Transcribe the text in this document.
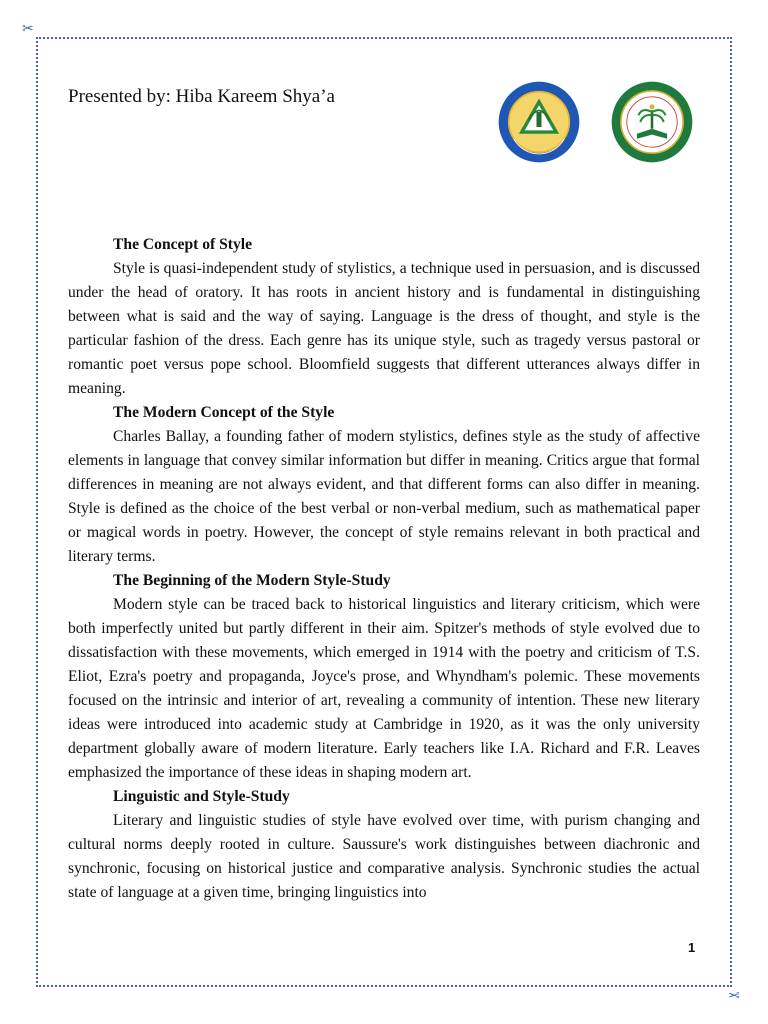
✂
✂
Presented by: Hiba Kareem Shya’a
The Concept of Style

Style is quasi-independent study of stylistics, a technique used in persuasion, and is discussed under the head of oratory. It has roots in ancient history and is fundamental in distinguishing between what is said and the way of saying. Language is the dress of thought, and style is the particular fashion of the dress. Each genre has its unique style, such as tragedy versus pastoral or romantic poet versus pope school. Bloomfield suggests that different utterances always differ in meaning.

The Modern Concept of the Style

Charles Ballay, a founding father of modern stylistics, defines style as the study of affective elements in language that convey similar information but differ in meaning. Critics argue that formal differences in meaning are not always evident, and that different forms can also differ in meaning. Style is defined as the choice of the best verbal or non-verbal medium, such as mathematical paper or magical words in poetry. However, the concept of style remains relevant in both practical and literary terms.

The Beginning of the Modern Style-Study

Modern style can be traced back to historical linguistics and literary criticism, which were both imperfectly united but partly different in their aim. Spitzer's methods of style evolved due to dissatisfaction with these movements, which emerged in 1914 with the poetry and criticism of T.S. Eliot, Ezra's poetry and propaganda, Joyce's prose, and Whyndham's polemic. These movements focused on the intrinsic and interior of art, revealing a community of intention. These new literary ideas were introduced into academic study at Cambridge in 1920, as it was the only university department globally aware of modern literature. Early teachers like I.A. Richard and F.R. Leaves emphasized the importance of these ideas in shaping modern art.

Linguistic and Style-Study

Literary and linguistic studies of style have evolved over time, with purism changing and cultural norms deeply rooted in culture. Saussure's work distinguishes between diachronic and synchronic, focusing on historical justice and comparative analysis. Synchronic studies the actual state of language at a given time, bringing linguistics into

1
